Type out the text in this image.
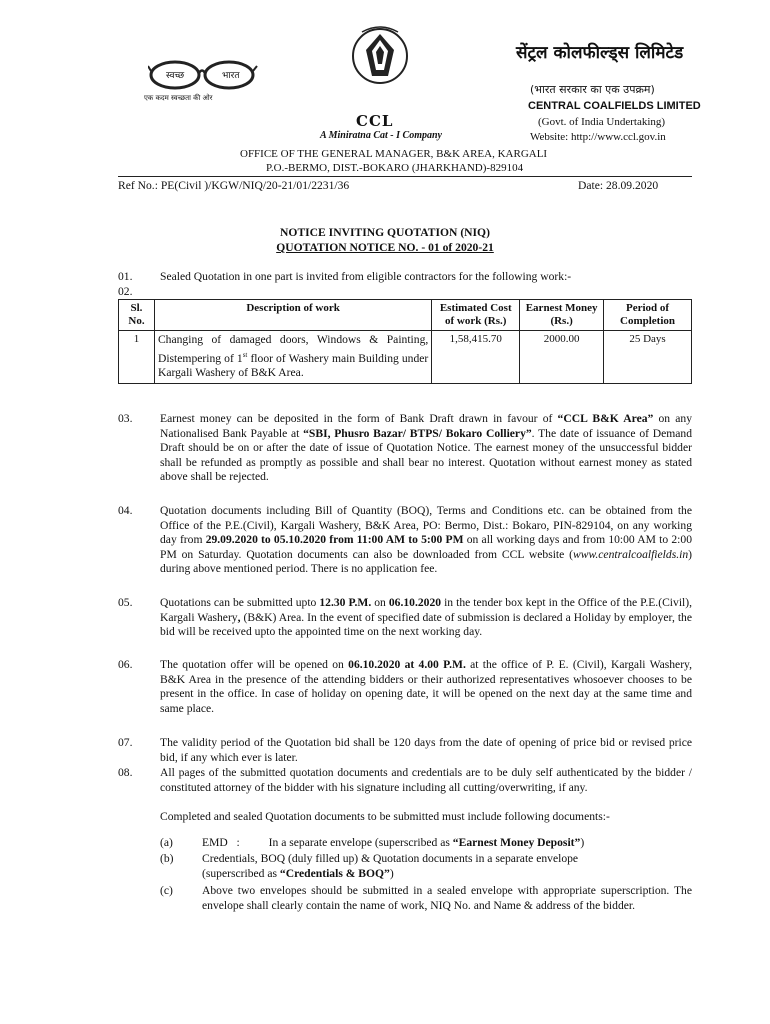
स्वच्छ	भारत
एक कदम स्वच्छता की ओर
CCL
A Miniratna Cat - I Company
सेंट्रल कोलफील्ड्स लिमिटेड
(भारत सरकार का एक उपक्रम)
CENTRAL COALFIELDS LIMITED
(Govt. of India Undertaking)
Website: http://www.ccl.gov.in
OFFICE OF THE GENERAL MANAGER, B&K AREA, KARGALI
P.O.-BERMO, DIST.-BOKARO (JHARKHAND)-829104
Ref No.: PE(Civil )/KGW/NIQ/20-21/01/2231/36	Date: 28.09.2020
NOTICE INVITING QUOTATION (NIQ)
QUOTATION NOTICE NO. - 01 of 2020-21
01. Sealed Quotation in one part is invited from eligible contractors for the following work:-
02.
Sl. No.	Description of work	Estimated Cost of work (Rs.)	Earnest Money (Rs.)	Period of Completion
1	Changing of damaged doors, Windows & Painting, Distempering of 1st floor of Washery main Building under Kargali Washery of B&K Area.	1,58,415.70	2000.00	25 Days
03. Earnest money can be deposited in the form of Bank Draft drawn in favour of “CCL B&K Area” on any Nationalised Bank Payable at “SBI, Phusro Bazar/ BTPS/ Bokaro Colliery”. The date of issuance of Demand Draft should be on or after the date of issue of Quotation Notice. The earnest money of the unsuccessful bidder shall be refunded as promptly as possible and shall bear no interest. Quotation without earnest money as stated above shall be rejected.
04. Quotation documents including Bill of Quantity (BOQ), Terms and Conditions etc. can be obtained from the Office of the P.E.(Civil), Kargali Washery, B&K Area, PO: Bermo, Dist.: Bokaro, PIN-829104, on any working day from 29.09.2020 to 05.10.2020 from 11:00 AM to 5:00 PM on all working days and from 10:00 AM to 2:00 PM on Saturday. Quotation documents can also be downloaded from CCL website (www.centralcoalfields.in) during above mentioned period. There is no application fee.
05. Quotations can be submitted upto 12.30 P.M. on 06.10.2020 in the tender box kept in the Office of the P.E.(Civil), Kargali Washery, (B&K) Area. In the event of specified date of submission is declared a Holiday by employer, the bid will be received upto the appointed time on the next working day.
06. The quotation offer will be opened on 06.10.2020 at 4.00 P.M. at the office of P. E. (Civil), Kargali Washery, B&K Area in the presence of the attending bidders or their authorized representatives whosoever chooses to be present in the office. In case of holiday on opening date, it will be opened on the next day at the same time and same place.
07. The validity period of the Quotation bid shall be 120 days from the date of opening of price bid or revised price bid, if any which ever is later.
08. All pages of the submitted quotation documents and credentials are to be duly self authenticated by the bidder / constituted attorney of the bidder with his signature including all cutting/overwriting, if any.
Completed and sealed Quotation documents to be submitted must include following documents:-
(a)	EMD   :          In a separate envelope (superscribed as “Earnest Money Deposit”)
(b) Credentials, BOQ (duly filled up) & Quotation documents in a separate envelope
(superscribed as “Credentials & BOQ”)
(c)	Above two envelopes should be submitted in a sealed envelope with appropriate superscription. The envelope shall clearly contain the name of work, NIQ No. and Name & address of the bidder.
